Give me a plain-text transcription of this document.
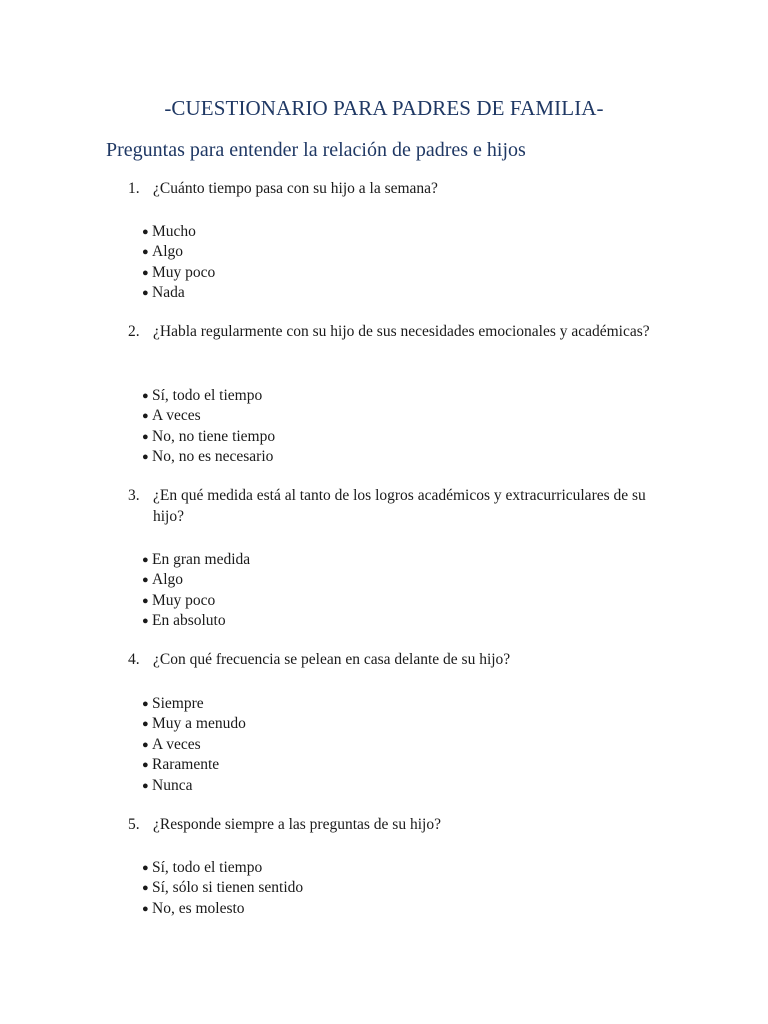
-CUESTIONARIO PARA PADRES DE FAMILIA-
Preguntas para entender la relación de padres e hijos
1. ¿Cuánto tiempo pasa con su hijo a la semana?
● Mucho
● Algo
● Muy poco
● Nada
2. ¿Habla regularmente con su hijo de sus necesidades emocionales y académicas?
● Sí, todo el tiempo
● A veces
● No, no tiene tiempo
● No, no es necesario
3. ¿En qué medida está al tanto de los logros académicos y extracurriculares de su hijo?
● En gran medida
● Algo
● Muy poco
● En absoluto
4. ¿Con qué frecuencia se pelean en casa delante de su hijo?
● Siempre
● Muy a menudo
● A veces
● Raramente
● Nunca
5. ¿Responde siempre a las preguntas de su hijo?
● Sí, todo el tiempo
● Sí, sólo si tienen sentido
● No, es molesto
